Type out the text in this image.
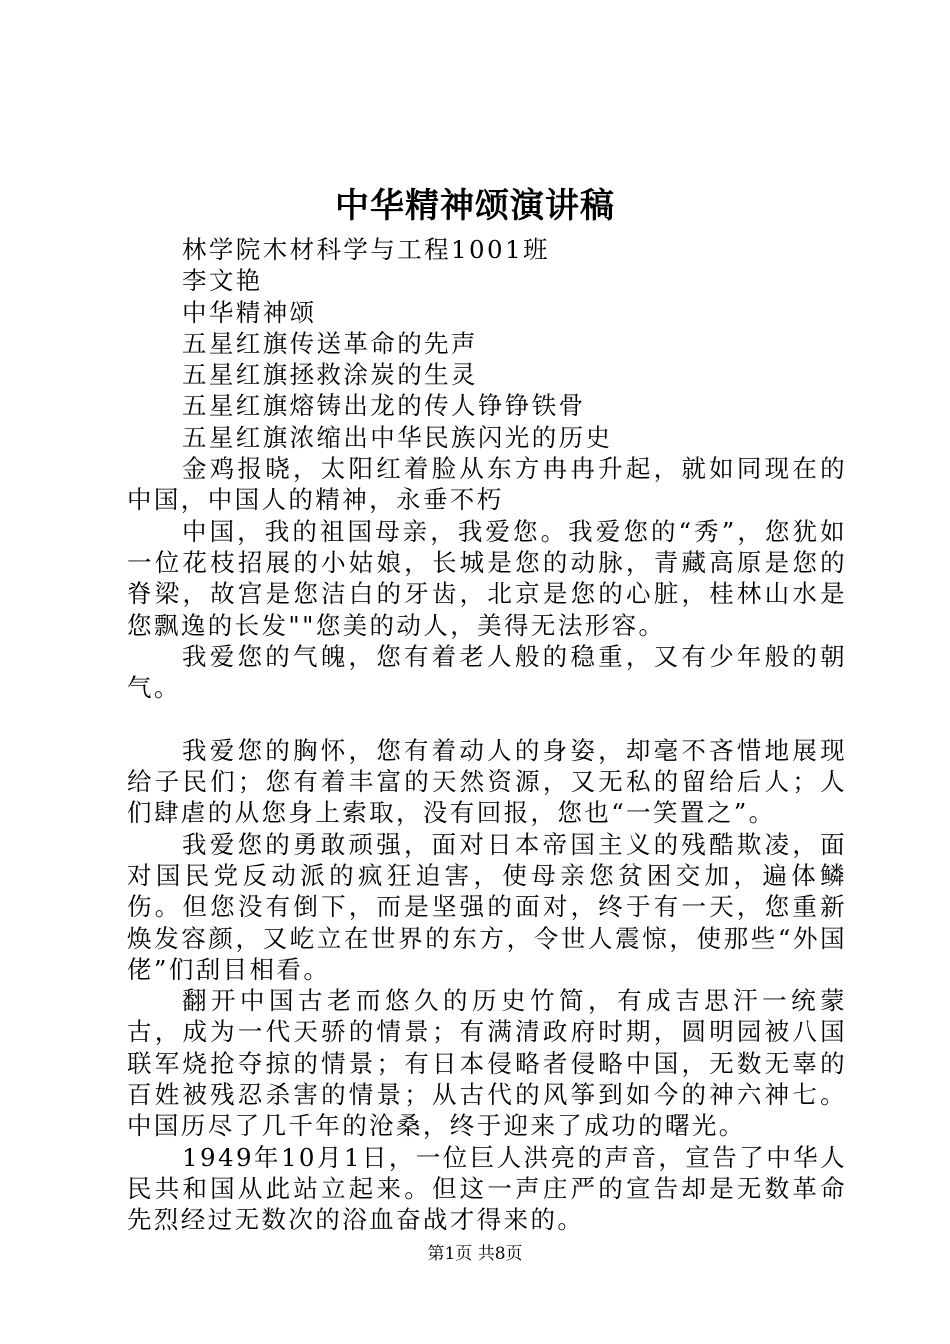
中华精神颂演讲稿
林学院木材科学与工程1001班
李文艳
中华精神颂
五星红旗传送革命的先声
五星红旗拯救涂炭的生灵
五星红旗熔铸出龙的传人铮铮铁骨
五星红旗浓缩出中华民族闪光的历史
金鸡报晓，太阳红着脸从东方冉冉升起，就如同现在的中国，中国人的精神，永垂不朽
中国，我的祖国母亲，我爱您。我爱您的“秀”，您犹如一位花枝招展的小姑娘，长城是您的动脉，青藏高原是您的脊梁，故宫是您洁白的牙齿，北京是您的心脏，桂林山水是您飘逸的长发""您美的动人，美得无法形容。
我爱您的气魄，您有着老人般的稳重，又有少年般的朝气。
我爱您的胸怀，您有着动人的身姿，却毫不吝惜地展现给子民们；您有着丰富的天然资源，又无私的留给后人；人们肆虐的从您身上索取，没有回报，您也“一笑置之”。
我爱您的勇敢顽强，面对日本帝国主义的残酷欺凌，面对国民党反动派的疯狂迫害，使母亲您贫困交加，遍体鳞伤。但您没有倒下，而是坚强的面对，终于有一天，您重新焕发容颜，又屹立在世界的东方，令世人震惊，使那些“外国佬”们刮目相看。
翻开中国古老而悠久的历史竹简，有成吉思汗一统蒙古，成为一代天骄的情景；有满清政府时期，圆明园被八国联军烧抢夺掠的情景；有日本侵略者侵略中国，无数无辜的百姓被残忍杀害的情景；从古代的风筝到如今的神六神七。中国历尽了几千年的沧桑，终于迎来了成功的曙光。
1949年10月1日，一位巨人洪亮的声音，宣告了中华人民共和国从此站立起来。但这一声庄严的宣告却是无数革命先烈经过无数次的浴血奋战才得来的。
第1页 共8页
